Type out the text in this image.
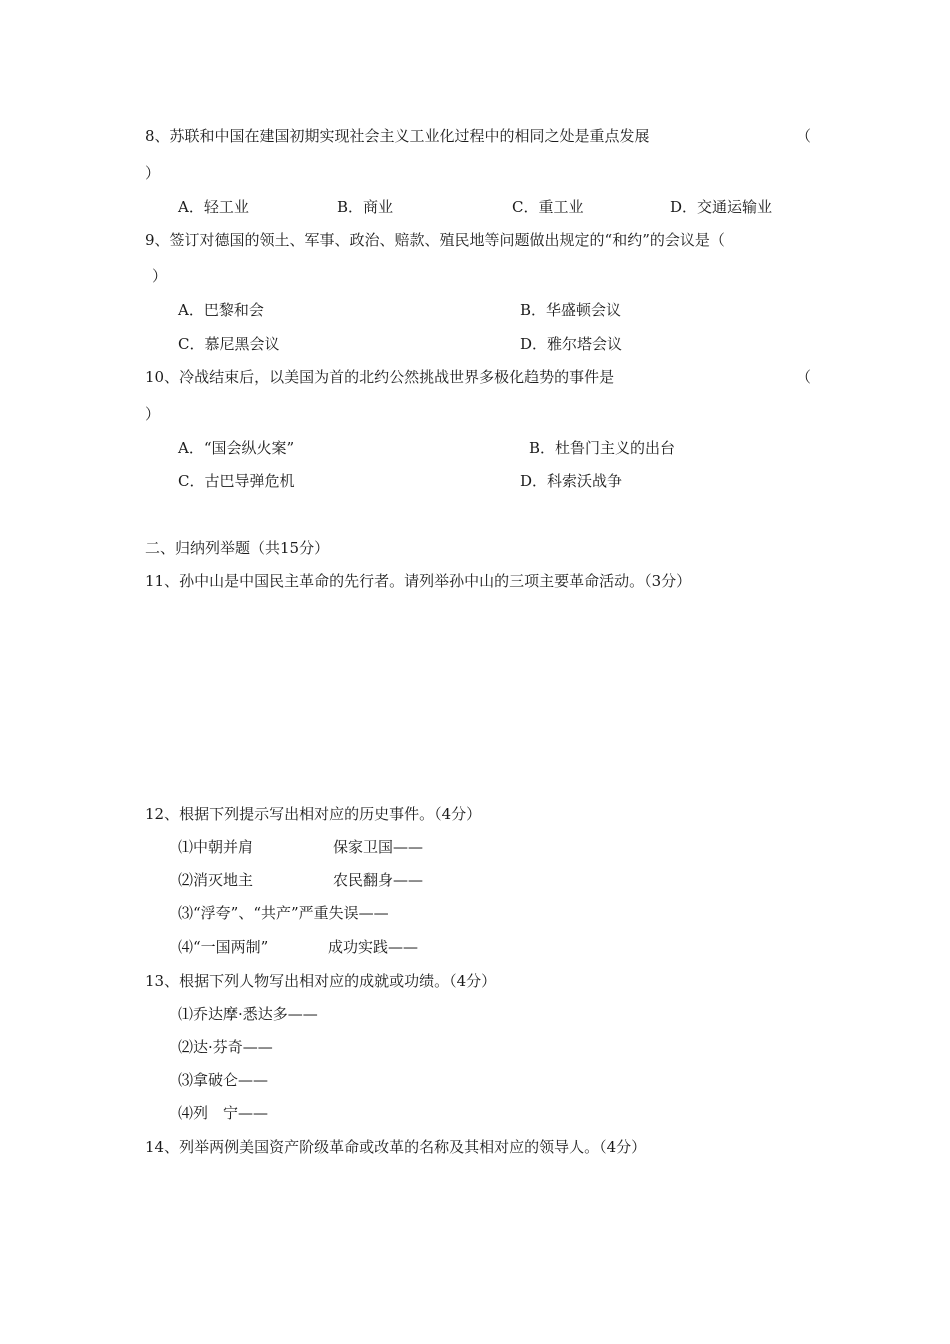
8、苏联和中国在建国初期实现社会主义工业化过程中的相同之处是重点发展	（
）
A．轻工业	B．商业	C．重工业	D．交通运输业
9、签订对德国的领土、军事、政治、赔款、殖民地等问题做出规定的“和约”的会议是（
）
A．巴黎和会	B．华盛顿会议
C．慕尼黑会议	D．雅尔塔会议
10、冷战结束后，以美国为首的北约公然挑战世界多极化趋势的事件是	（
）
A．“国会纵火案”	B．杜鲁门主义的出台
C．古巴导弹危机	D．科索沃战争
二、归纳列举题（共15分）
11、孙中山是中国民主革命的先行者。请列举孙中山的三项主要革命活动。（3分）
12、根据下列提示写出相对应的历史事件。（4分）
⑴中朝并肩	保家卫国——
⑵消灭地主	农民翻身——
⑶“浮夸”、“共产”严重失误——
⑷“一国两制”	成功实践——
13、根据下列人物写出相对应的成就或功绩。（4分）
⑴乔达摩·悉达多——
⑵达·芬奇——
⑶拿破仑——
⑷列　宁——
14、列举两例美国资产阶级革命或改革的名称及其相对应的领导人。（4分）
